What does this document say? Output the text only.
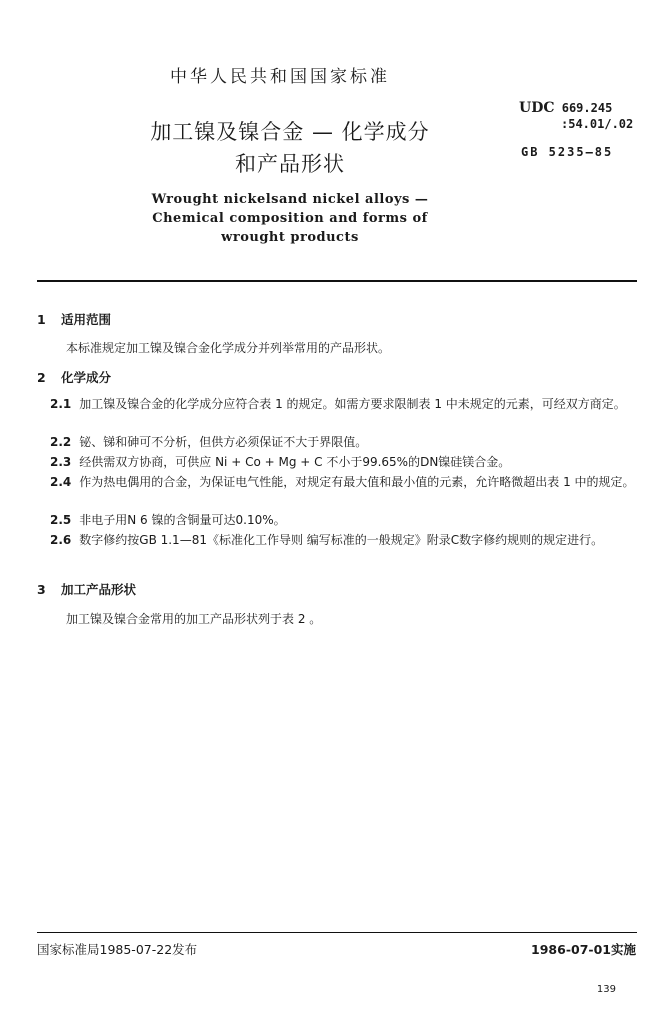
中华人民共和国国家标准
加工镍及镍合金 — 化学成分
和产品形状
Wrought nickelsand nickel alloys —
Chemical composition and forms of
wrought products
UDC 669.245
:54.01/.02
GB 5235—85
1 适用范围
本标准规定加工镍及镍合金化学成分并列举常用的产品形状。
2 化学成分
2.1 加工镍及镍合金的化学成分应符合表 1 的规定。如需方要求限制表 1 中未规定的元素，可经双方商定。
2.2 铋、锑和砷可不分析，但供方必须保证不大于界限值。
2.3 经供需双方协商，可供应 Ni + Co + Mg + C 不小于99.65%的DN镍硅镁合金。
2.4 作为热电偶用的合金，为保证电气性能，对规定有最大值和最小值的元素，允许略微超出表 1 中的规定。
2.5 非电子用N 6 镍的含铜量可达0.10%。
2.6 数字修约按GB 1.1—81《标准化工作导则 编写标准的一般规定》附录C数字修约规则的规定进行。
3 加工产品形状
加工镍及镍合金常用的加工产品形状列于表 2 。
国家标准局1985-07-22发布	1986-07-01实施
139
